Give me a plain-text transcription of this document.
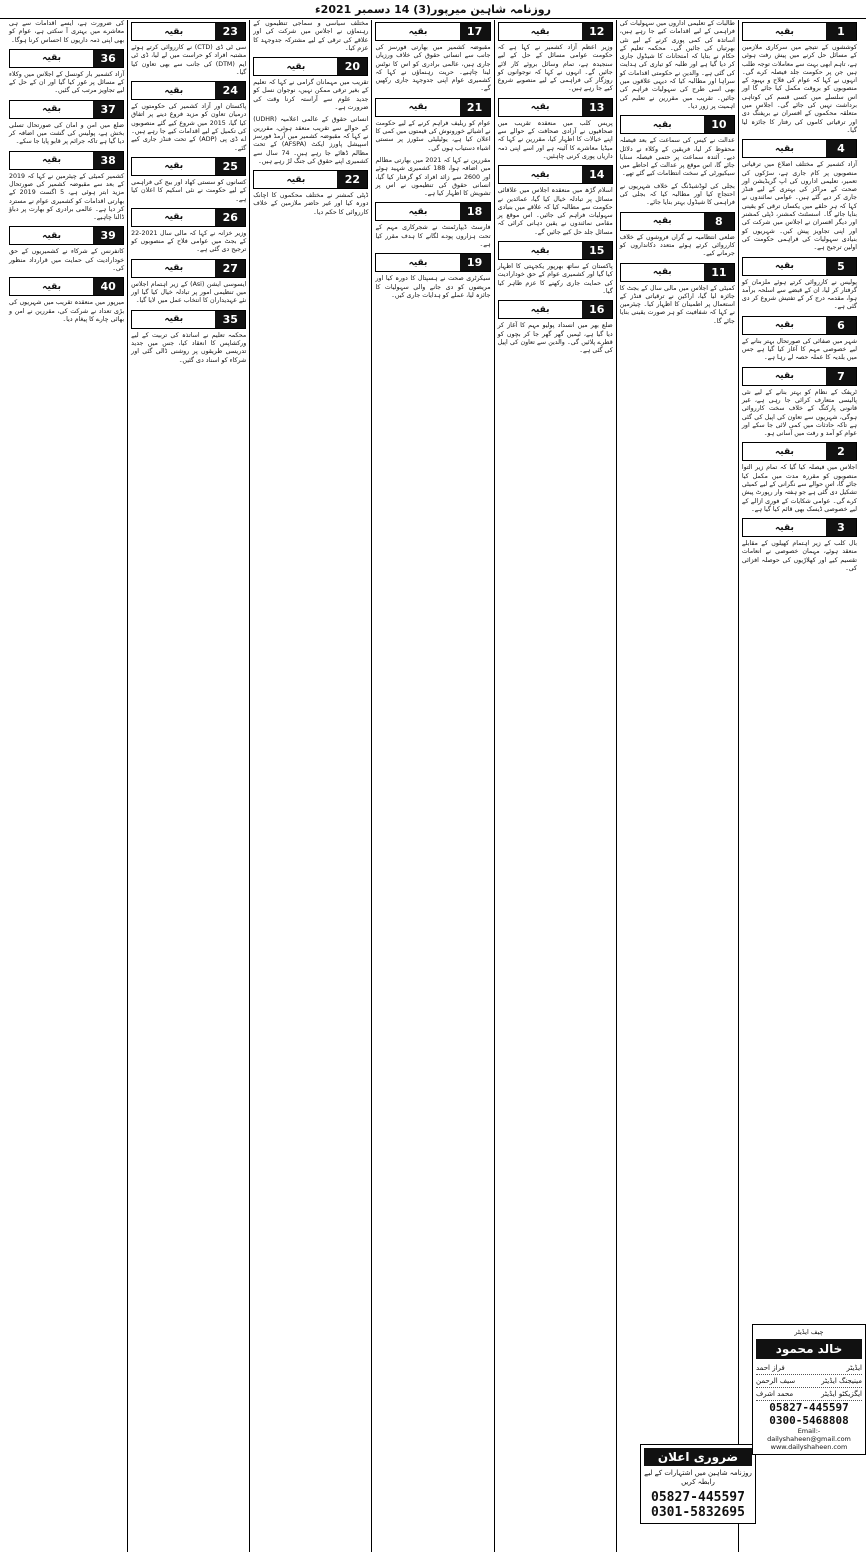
روزنامہ شاہین میرپور(3) 14 دسمبر 2021ء
1
بقیہ
کوششوں کے نتیجے میں سرکاری ملازمین کے مسائل حل کرنے میں پیش رفت ہوئی ہے، تاہم ابھی بہت سے معاملات توجہ طلب ہیں جن پر حکومت جلد فیصلہ کرے گی۔ انہوں نے کہا کہ عوام کی فلاح و بہبود کے منصوبوں کو بروقت مکمل کیا جائے گا اور اس سلسلے میں کسی قسم کی کوتاہی برداشت نہیں کی جائے گی۔ اجلاس میں متعلقہ محکموں کے افسران نے بریفنگ دی اور ترقیاتی کاموں کی رفتار کا جائزہ لیا گیا۔
4
بقیہ
آزاد کشمیر کے مختلف اضلاع میں ترقیاتی منصوبوں پر کام جاری ہے، سڑکوں کی تعمیر، تعلیمی اداروں کی اپ گریڈیشن اور صحت کے مراکز کی بہتری کے لیے فنڈز جاری کر دیے گئے ہیں۔ عوامی نمائندوں نے کہا کہ ہر حلقے میں یکساں ترقی کو یقینی بنایا جائے گا۔ اسسٹنٹ کمشنر، ڈپٹی کمشنر اور دیگر افسران نے اجلاس میں شرکت کی اور اپنی تجاویز پیش کیں۔ شہریوں کو بنیادی سہولیات کی فراہمی حکومت کی اولین ترجیح ہے۔
5
بقیہ
پولیس نے کارروائی کرتے ہوئے ملزمان کو گرفتار کر لیا، ان کے قبضے سے اسلحہ برآمد ہوا، مقدمہ درج کر کے تفتیش شروع کر دی گئی ہے۔
6
بقیہ
شہر میں صفائی کی صورتحال بہتر بنانے کے لیے خصوصی مہم کا آغاز کیا گیا ہے جس میں بلدیہ کا عملہ حصہ لے رہا ہے۔
7
بقیہ
ٹریفک کے نظام کو بہتر بنانے کے لیے نئی پالیسی متعارف کرائی جا رہی ہے، غیر قانونی پارکنگ کے خلاف سخت کارروائی ہوگی، شہریوں سے تعاون کی اپیل کی گئی ہے تاکہ حادثات میں کمی لائی جا سکے اور عوام کو آمد و رفت میں آسانی ہو۔
2
بقیہ
اجلاس میں فیصلہ کیا گیا کہ تمام زیر التوا منصوبوں کو مقررہ مدت میں مکمل کیا جائے گا، اس حوالے سے نگرانی کے لیے کمیٹی تشکیل دی گئی ہے جو ہفتہ وار رپورٹ پیش کرے گی۔ عوامی شکایات کے فوری ازالے کے لیے خصوصی ڈیسک بھی قائم کیا گیا ہے۔
3
بقیہ
بال کلب کے زیر اہتمام کھیلوں کے مقابلے منعقد ہوئے، مہمان خصوصی نے انعامات تقسیم کیے اور کھلاڑیوں کی حوصلہ افزائی کی۔
طالبات کے تعلیمی اداروں میں سہولیات کی فراہمی کے لیے اقدامات کیے جا رہے ہیں، اساتذہ کی کمی پوری کرنے کے لیے نئی بھرتیاں کی جائیں گی۔ محکمہ تعلیم کے حکام نے بتایا کہ امتحانات کا شیڈول جاری کر دیا گیا ہے اور طلبہ کو تیاری کی ہدایت کی گئی ہے۔ والدین نے حکومتی اقدامات کو سراہا اور مطالبہ کیا کہ دیہی علاقوں میں بھی اسی طرح کی سہولیات فراہم کی جائیں۔ تقریب میں مقررین نے تعلیم کی اہمیت پر زور دیا۔
10
بقیہ
عدالت نے کیس کی سماعت کے بعد فیصلہ محفوظ کر لیا، فریقین کے وکلاء نے دلائل دیے۔ آئندہ سماعت پر حتمی فیصلہ سنایا جائے گا، اس موقع پر عدالت کے احاطے میں سیکیورٹی کے سخت انتظامات کیے گئے تھے۔
بجلی کی لوڈشیڈنگ کے خلاف شہریوں نے احتجاج کیا اور مطالبہ کیا کہ بجلی کی فراہمی کا شیڈول بہتر بنایا جائے۔
8
بقیہ
ضلعی انتظامیہ نے گراں فروشوں کے خلاف کارروائی کرتے ہوئے متعدد دکانداروں کو جرمانے کیے۔
11
بقیہ
کمیٹی کے اجلاس میں مالی سال کے بجٹ کا جائزہ لیا گیا، اراکین نے ترقیاتی فنڈز کے استعمال پر اطمینان کا اظہار کیا۔ چیئرمین نے کہا کہ شفافیت کو ہر صورت یقینی بنایا جائے گا۔
12
بقیہ
وزیر اعظم آزاد کشمیر نے کہا ہے کہ حکومت عوامی مسائل کے حل کے لیے سنجیدہ ہے، تمام وسائل بروئے کار لائے جائیں گے۔ انہوں نے کہا کہ نوجوانوں کو روزگار کی فراہمی کے لیے منصوبے شروع کیے جا رہے ہیں۔
13
بقیہ
پریس کلب میں منعقدہ تقریب میں صحافیوں نے آزادی صحافت کے حوالے سے اپنے خیالات کا اظہار کیا، مقررین نے کہا کہ میڈیا معاشرے کا آئینہ ہے اور اسے اپنی ذمہ داریاں پوری کرنی چاہئیں۔
14
بقیہ
اسلام گڑھ میں منعقدہ اجلاس میں علاقائی مسائل پر تبادلہ خیال کیا گیا، عمائدین نے حکومت سے مطالبہ کیا کہ علاقے میں بنیادی سہولیات فراہم کی جائیں۔ اس موقع پر مقامی نمائندوں نے یقین دہانی کرائی کہ مسائل جلد حل کیے جائیں گے۔
15
بقیہ
پاکستان کے ساتھ بھرپور یکجہتی کا اظہار کیا گیا اور کشمیری عوام کے حق خودارادیت کی حمایت جاری رکھنے کا عزم ظاہر کیا گیا۔
16
بقیہ
ضلع بھر میں انسداد پولیو مہم کا آغاز کر دیا گیا ہے، ٹیمیں گھر گھر جا کر بچوں کو قطرے پلائیں گی۔ والدین سے تعاون کی اپیل کی گئی ہے۔
17
بقیہ
مقبوضہ کشمیر میں بھارتی فورسز کی جانب سے انسانی حقوق کی خلاف ورزیاں جاری ہیں، عالمی برادری کو اس کا نوٹس لینا چاہیے۔ حریت رہنماؤں نے کہا کہ کشمیری عوام اپنی جدوجہد جاری رکھیں گے۔
21
بقیہ
عوام کو ریلیف فراہم کرنے کے لیے حکومت نے اشیائے خورونوش کی قیمتوں میں کمی کا اعلان کیا ہے، یوٹیلیٹی سٹورز پر سستی اشیاء دستیاب ہوں گی۔
مقررین نے کہا کہ 2021 میں بھارتی مظالم میں اضافہ ہوا، 188 کشمیری شہید ہوئے اور 2600 سے زائد افراد کو گرفتار کیا گیا، انسانی حقوق کی تنظیموں نے اس پر تشویش کا اظہار کیا ہے۔
18
بقیہ
فارسٹ ڈیپارٹمنٹ نے شجرکاری مہم کے تحت ہزاروں پودے لگانے کا ہدف مقرر کیا ہے۔
19
بقیہ
سیکرٹری صحت نے ہسپتال کا دورہ کیا اور مریضوں کو دی جانے والی سہولیات کا جائزہ لیا، عملے کو ہدایات جاری کیں۔
مختلف سیاسی و سماجی تنظیموں کے رہنماؤں نے اجلاس میں شرکت کی اور علاقے کی ترقی کے لیے مشترکہ جدوجہد کا عزم کیا۔
20
بقیہ
تقریب میں مہمانان گرامی نے کہا کہ تعلیم کے بغیر ترقی ممکن نہیں، نوجوان نسل کو جدید علوم سے آراستہ کرنا وقت کی ضرورت ہے۔
انسانی حقوق کے عالمی اعلامیہ (UDHR) کے حوالے سے تقریب منعقد ہوئی، مقررین نے کہا کہ مقبوضہ کشمیر میں آرمڈ فورسز اسپیشل پاورز ایکٹ (AFSPA) کے تحت مظالم ڈھائے جا رہے ہیں۔ 74 سال سے کشمیری اپنے حقوق کی جنگ لڑ رہے ہیں۔
22
بقیہ
ڈپٹی کمشنر نے مختلف محکموں کا اچانک دورہ کیا اور غیر حاضر ملازمین کے خلاف کارروائی کا حکم دیا۔
23
بقیہ
سی ٹی ڈی (CTD) نے کارروائی کرتے ہوئے مشتبہ افراد کو حراست میں لے لیا، ڈی ٹی ایم (DTM) کی جانب سے بھی تعاون کیا گیا۔
24
بقیہ
پاکستان اور آزاد کشمیر کی حکومتوں کے درمیان تعاون کو مزید فروغ دینے پر اتفاق کیا گیا، 2015 میں شروع کیے گئے منصوبوں کی تکمیل کے لیے اقدامات کیے جا رہے ہیں۔ اے ڈی پی (ADP) کے تحت فنڈز جاری کیے گئے۔
25
بقیہ
کسانوں کو سستی کھاد اور بیج کی فراہمی کے لیے حکومت نے نئی اسکیم کا اعلان کیا ہے۔
26
بقیہ
وزیر خزانہ نے کہا کہ مالی سال 2021-22 کے بجٹ میں عوامی فلاح کے منصوبوں کو ترجیح دی گئی ہے۔
27
بقیہ
ایسوسی ایشن (Asi) کے زیر اہتمام اجلاس میں تنظیمی امور پر تبادلہ خیال کیا گیا اور نئے عہدیداران کا انتخاب عمل میں لایا گیا۔
35
بقیہ
محکمہ تعلیم نے اساتذہ کی تربیت کے لیے ورکشاپس کا انعقاد کیا، جس میں جدید تدریسی طریقوں پر روشنی ڈالی گئی اور شرکاء کو اسناد دی گئیں۔
کی ضرورت ہے، ایسے اقدامات سے ہی معاشرے میں بہتری آ سکتی ہے، عوام کو بھی اپنی ذمہ داریوں کا احساس کرنا ہوگا۔
36
بقیہ
آزاد کشمیر بار کونسل کے اجلاس میں وکلاء کے مسائل پر غور کیا گیا اور ان کے حل کے لیے تجاویز مرتب کی گئیں۔
37
بقیہ
ضلع میں امن و امان کی صورتحال تسلی بخش ہے، پولیس کی گشت میں اضافہ کر دیا گیا ہے تاکہ جرائم پر قابو پایا جا سکے۔
38
بقیہ
کشمیر کمیٹی کے چیئرمین نے کہا کہ 2019 کے بعد سے مقبوضہ کشمیر کی صورتحال مزید ابتر ہوئی ہے، 5 اگست 2019 کے بھارتی اقدامات کو کشمیری عوام نے مسترد کر دیا ہے۔ عالمی برادری کو بھارت پر دباؤ ڈالنا چاہیے۔
39
بقیہ
کانفرنس کے شرکاء نے کشمیریوں کے حق خودارادیت کی حمایت میں قرارداد منظور کی۔
40
بقیہ
میرپور میں منعقدہ تقریب میں شہریوں کی بڑی تعداد نے شرکت کی، مقررین نے امن و بھائی چارے کا پیغام دیا۔
ضروری اعلان
روزنامہ شاہین میں اشتہارات کے لیے رابطہ کریں
05827-445597
0301-5832695
چیف ایڈیٹر
خالد محمود
ایڈیٹر
فراز احمد
مینیجنگ ایڈیٹر
سیف الرحمن
ایگزیکٹو ایڈیٹر
محمد اشرف
05827-445597
0300-5468808
Email:-dailyshaheen@gmail.com
www.dailyshaheen.com
